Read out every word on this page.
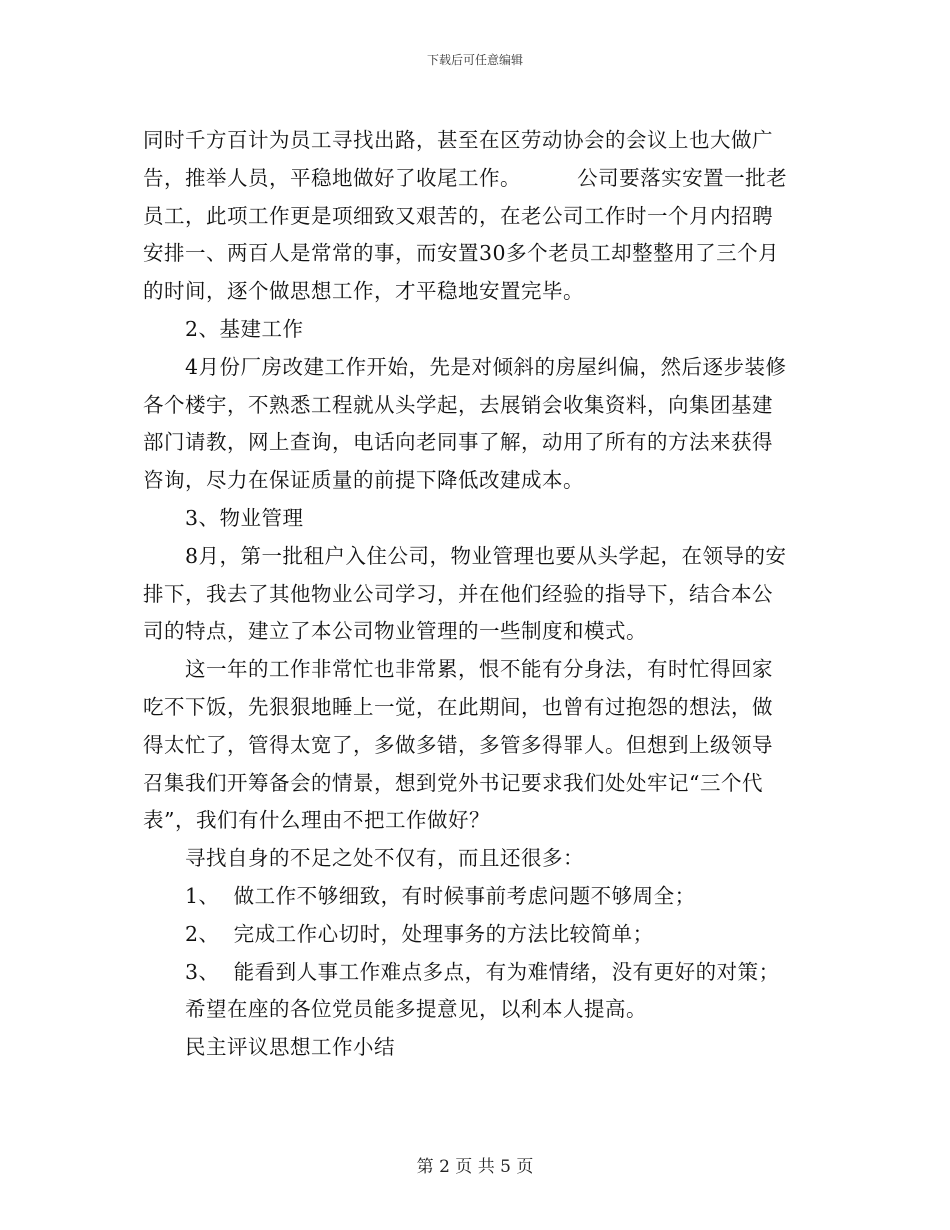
下载后可任意编辑
同时千方百计为员工寻找出路，甚至在区劳动协会的会议上也大做广
告，推举人员，平稳地做好了收尾工作。        公司要落实安置一批老
员工，此项工作更是项细致又艰苦的，在老公司工作时一个月内招聘
安排一、两百人是常常的事，而安置30多个老员工却整整用了三个月
的时间，逐个做思想工作，才平稳地安置完毕。
2、基建工作
4月份厂房改建工作开始，先是对倾斜的房屋纠偏，然后逐步装修
各个楼宇，不熟悉工程就从头学起，去展销会收集资料，向集团基建
部门请教，网上查询，电话向老同事了解，动用了所有的方法来获得
咨询，尽力在保证质量的前提下降低改建成本。
3、物业管理
8月，第一批租户入住公司，物业管理也要从头学起，在领导的安
排下，我去了其他物业公司学习，并在他们经验的指导下，结合本公
司的特点，建立了本公司物业管理的一些制度和模式。
这一年的工作非常忙也非常累，恨不能有分身法，有时忙得回家
吃不下饭，先狠狠地睡上一觉，在此期间，也曾有过抱怨的想法，做
得太忙了，管得太宽了，多做多错，多管多得罪人。但想到上级领导
召集我们开筹备会的情景，想到党外书记要求我们处处牢记“三个代
表”，我们有什么理由不把工作做好？
寻找自身的不足之处不仅有，而且还很多：
1、  做工作不够细致，有时候事前考虑问题不够周全；
2、  完成工作心切时，处理事务的方法比较简单；
3、  能看到人事工作难点多点，有为难情绪，没有更好的对策；
希望在座的各位党员能多提意见，以利本人提高。
民主评议思想工作小结
第 2 页 共 5 页
